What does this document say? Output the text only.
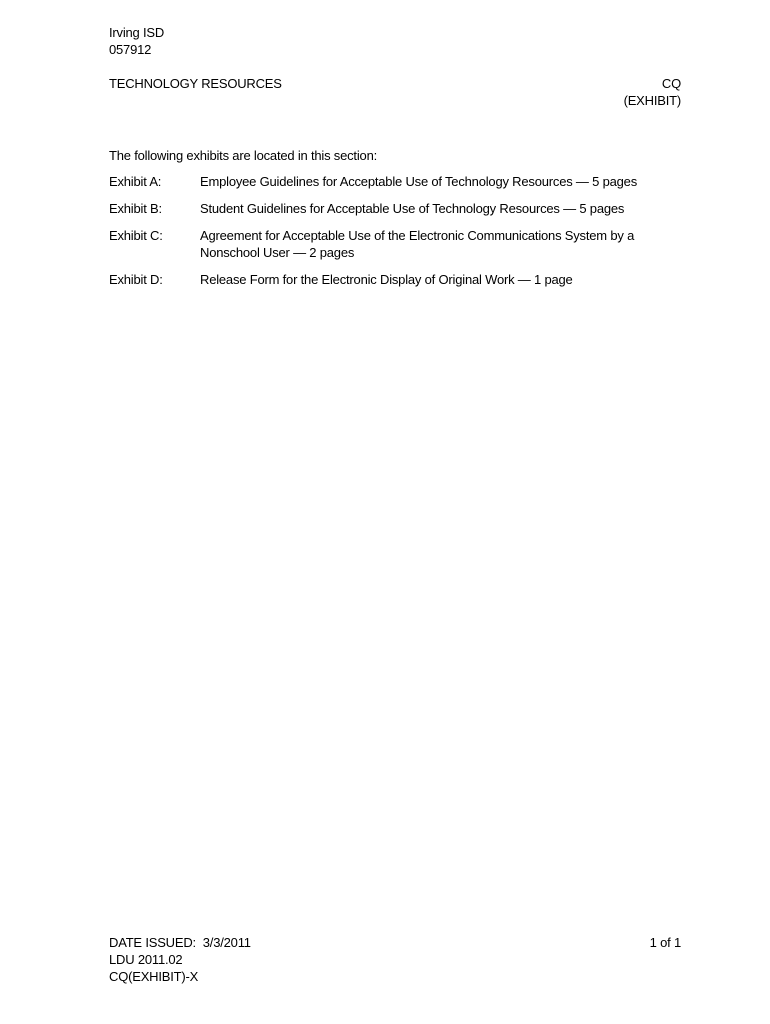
Irving ISD
057912
TECHNOLOGY RESOURCES	CQ
(EXHIBIT)
The following exhibits are located in this section:
Exhibit A:	Employee Guidelines for Acceptable Use of Technology Resources — 5 pages
Exhibit B:	Student Guidelines for Acceptable Use of Technology Resources — 5 pages
Exhibit C:	Agreement for Acceptable Use of the Electronic Communications System by a Nonschool User — 2 pages
Exhibit D:	Release Form for the Electronic Display of Original Work — 1 page
DATE ISSUED:  3/3/2011	1 of 1
LDU 2011.02
CQ(EXHIBIT)-X
